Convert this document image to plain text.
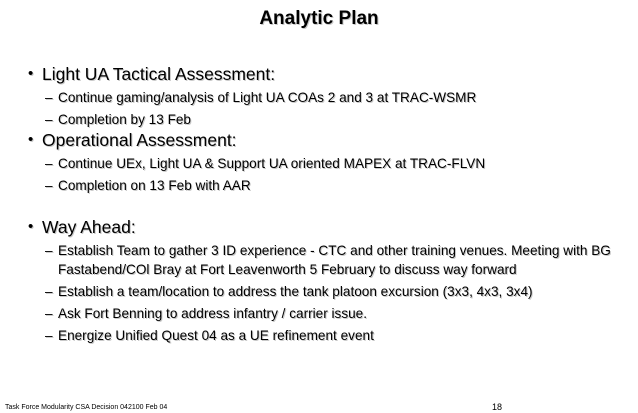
Analytic Plan
• Light UA Tactical Assessment:
– Continue gaming/analysis of Light UA COAs 2 and 3 at TRAC-WSMR
– Completion by 13 Feb
• Operational Assessment:
– Continue UEx, Light UA & Support UA oriented MAPEX at TRAC-FLVN
– Completion on 13 Feb with AAR
• Way Ahead:
– Establish Team to gather 3 ID experience - CTC and other training venues. Meeting with BG Fastabend/COl Bray at Fort Leavenworth 5 February to discuss way forward
– Establish a team/location to address the tank platoon excursion (3x3, 4x3, 3x4)
– Ask Fort Benning to address infantry / carrier issue.
– Energize Unified Quest 04 as a UE refinement event
Task Force Modularity CSA Decision 042100 Feb 04	18
